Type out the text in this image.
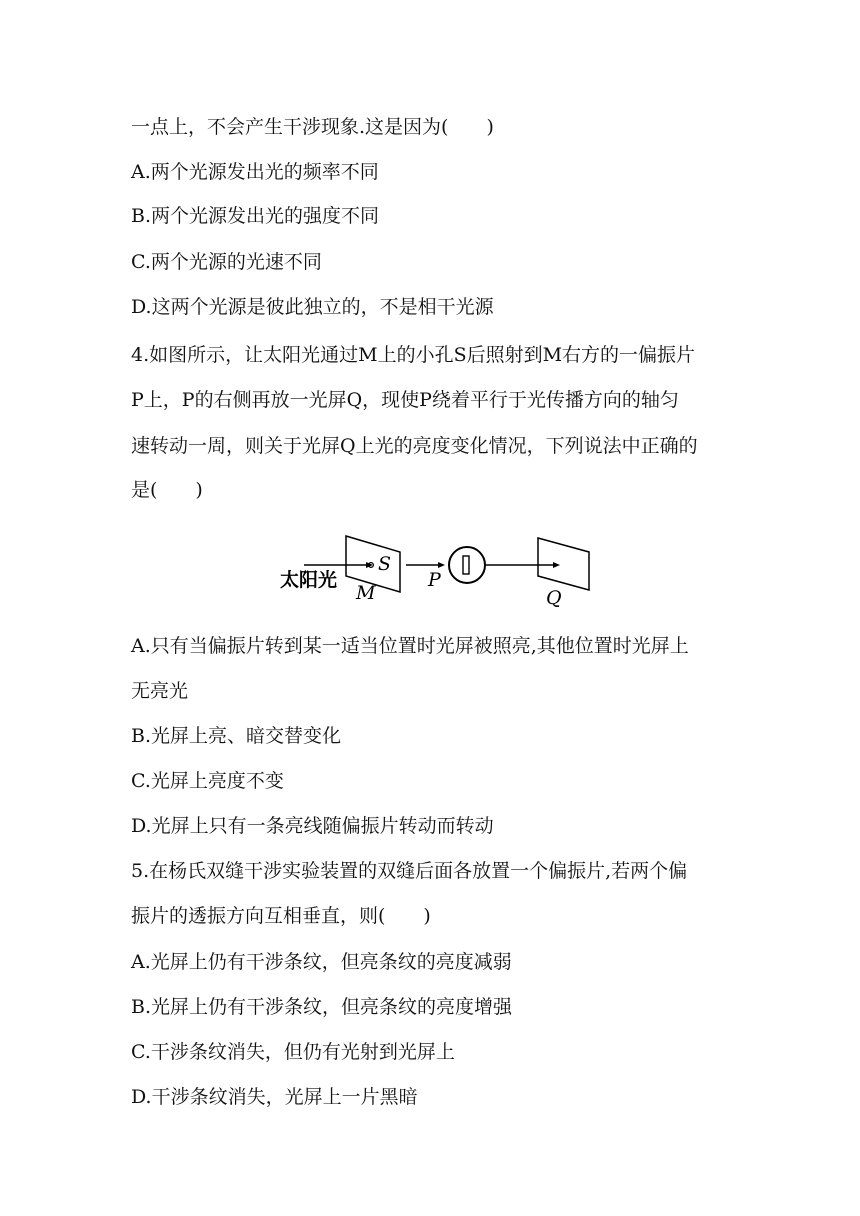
一点上，不会产生干涉现象.这是因为(　　)
A.两个光源发出光的频率不同
B.两个光源发出光的强度不同
C.两个光源的光速不同
D.这两个光源是彼此独立的，不是相干光源
4.如图所示，让太阳光通过M上的小孔S后照射到M右方的一偏振片
P上，P的右侧再放一光屏Q，现使P绕着平行于光传播方向的轴匀
速转动一周，则关于光屏Q上光的亮度变化情况，下列说法中正确的
是(　　)
太阳光
S
M
P
Q
A.只有当偏振片转到某一适当位置时光屏被照亮,其他位置时光屏上
无亮光
B.光屏上亮、暗交替变化
C.光屏上亮度不变
D.光屏上只有一条亮线随偏振片转动而转动
5.在杨氏双缝干涉实验装置的双缝后面各放置一个偏振片,若两个偏
振片的透振方向互相垂直，则(　　)
A.光屏上仍有干涉条纹，但亮条纹的亮度减弱
B.光屏上仍有干涉条纹，但亮条纹的亮度增强
C.干涉条纹消失，但仍有光射到光屏上
D.干涉条纹消失，光屏上一片黑暗
